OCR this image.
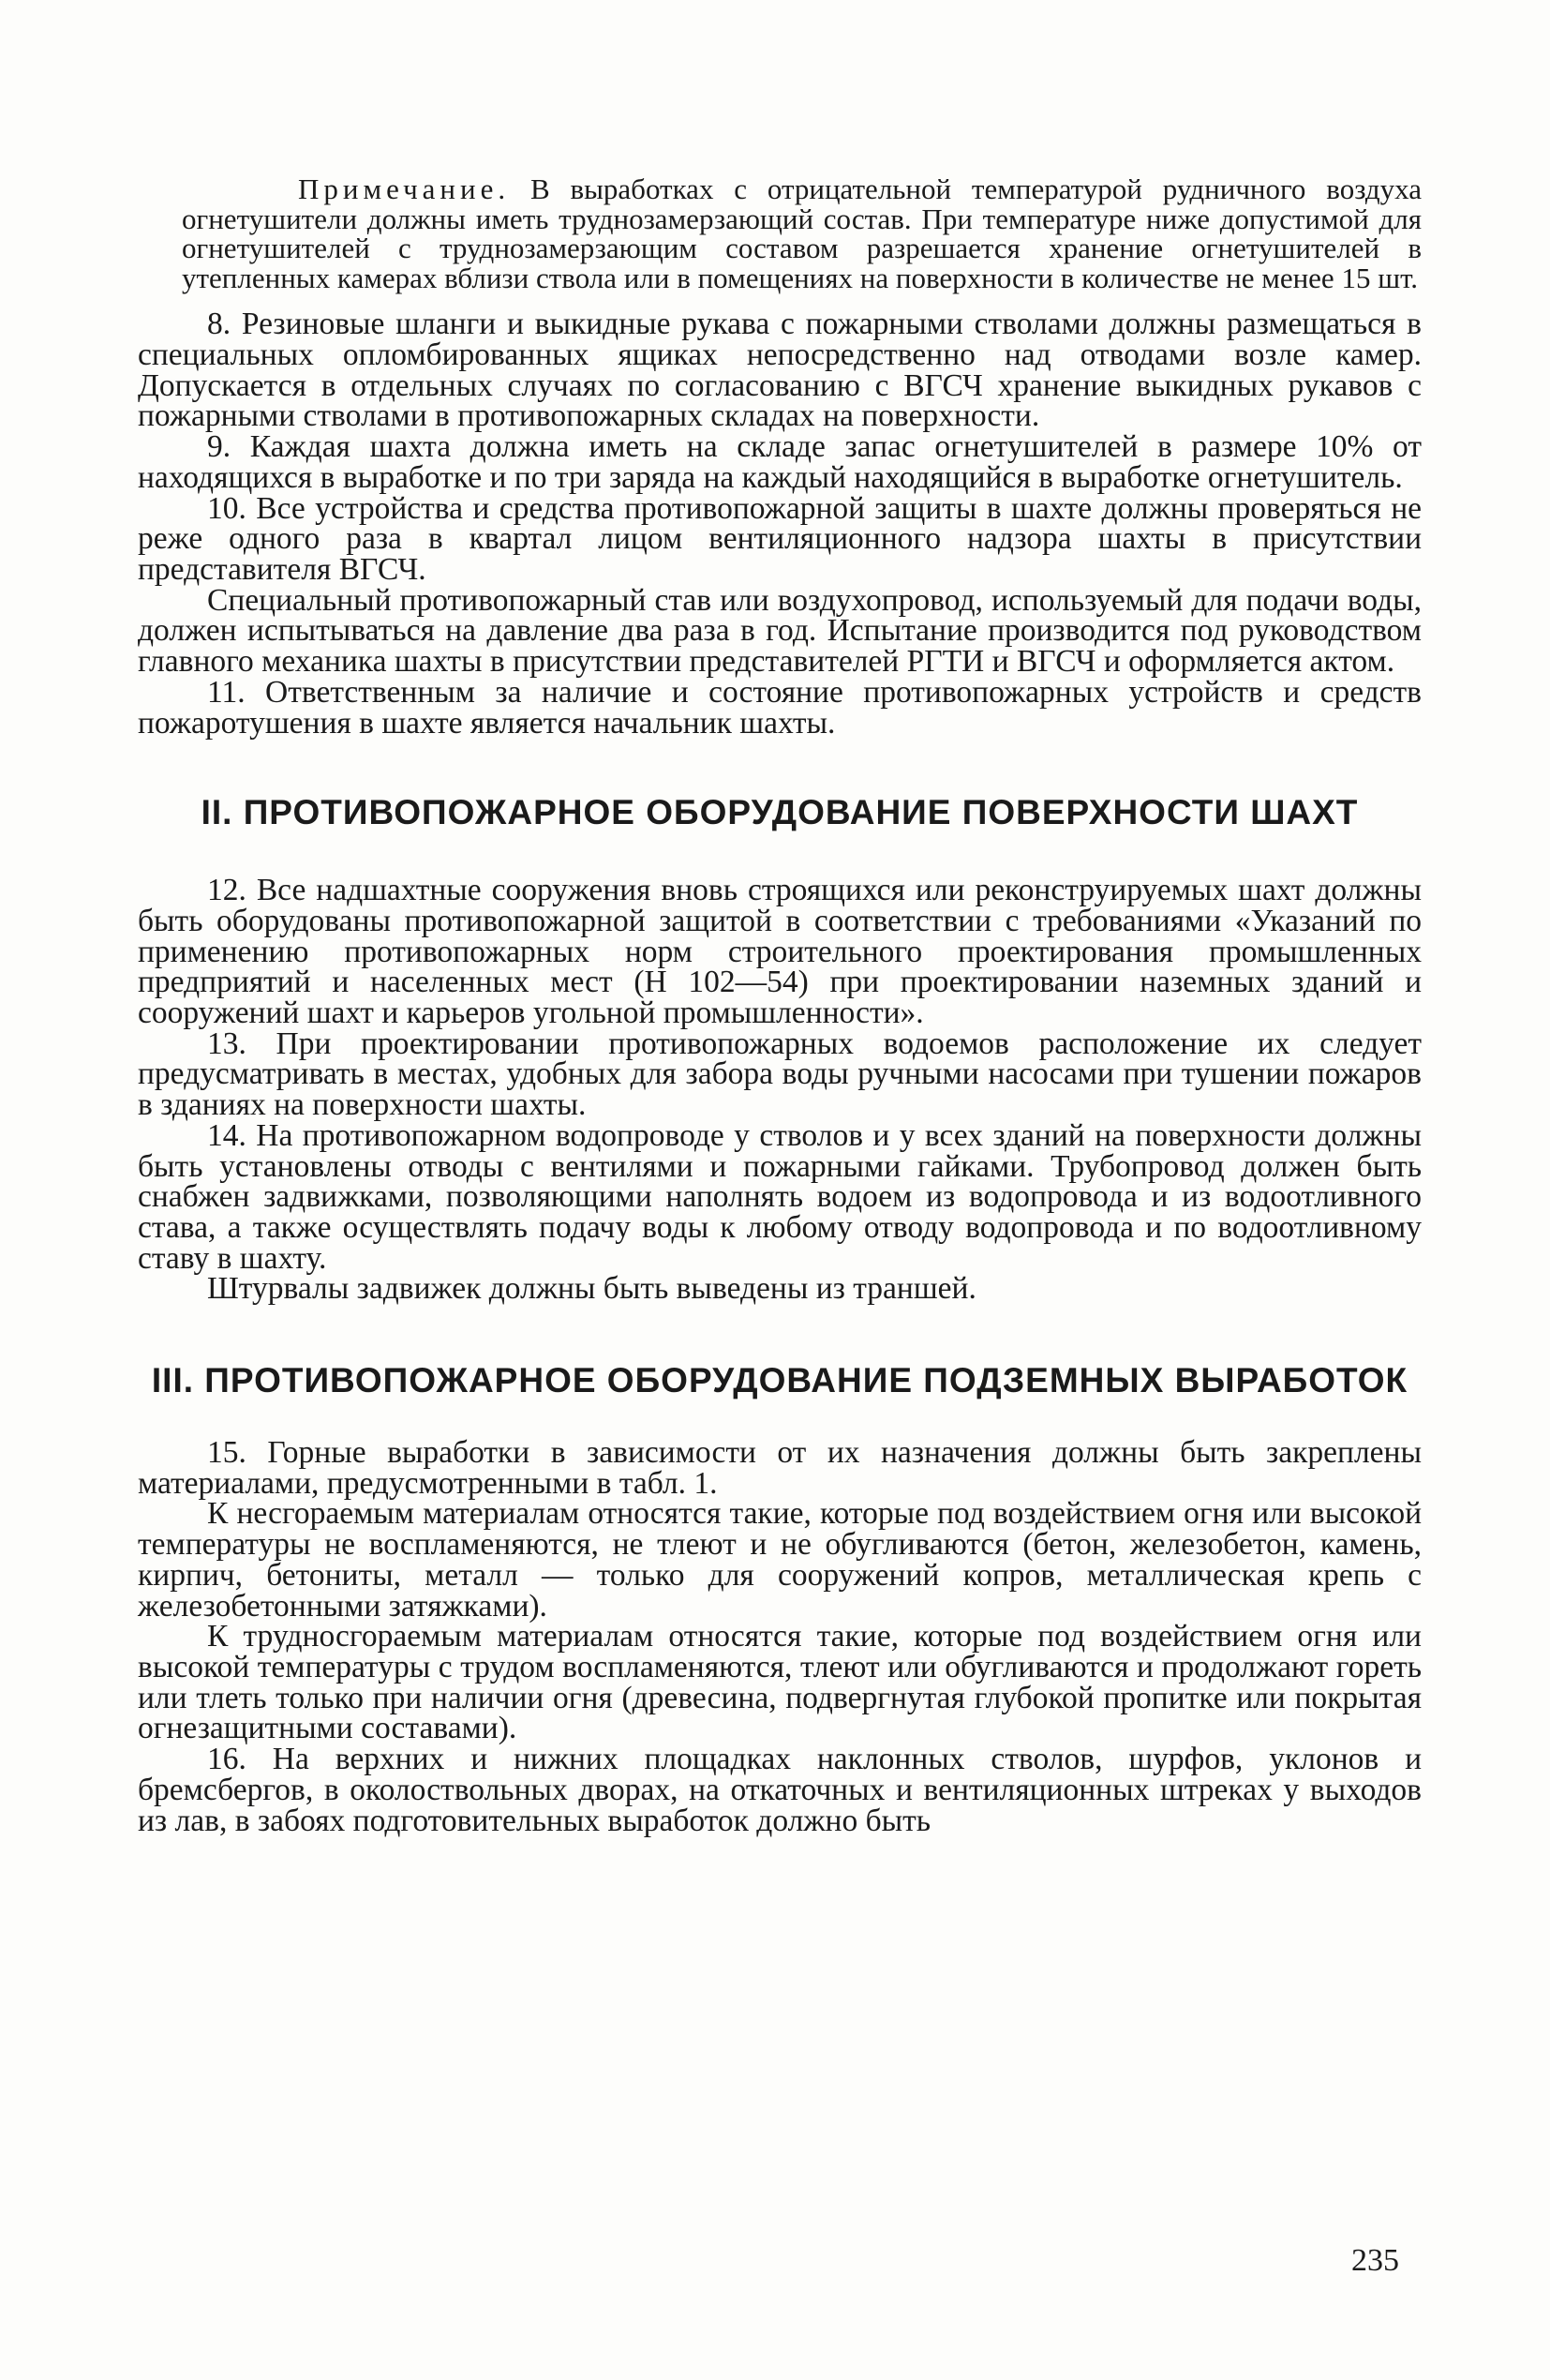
Примечание. В выработках с отрицательной температурой рудничного воздуха огнетушители должны иметь труднозамерзающий состав. При температуре ниже допустимой для огнетушителей с труднозамерзающим составом разрешается хранение огнетушителей в утепленных камерах вблизи ствола или в помещениях на поверхности в количестве не менее 15 шт.

8. Резиновые шланги и выкидные рукава с пожарными стволами должны размещаться в специальных опломбированных ящиках непосредственно над отводами возле камер. Допускается в отдельных случаях по согласованию с ВГСЧ хранение выкидных рукавов с пожарными стволами в противопожарных складах на поверхности.

9. Каждая шахта должна иметь на складе запас огнетушителей в размере 10% от находящихся в выработке и по три заряда на каждый находящийся в выработке огнетушитель.

10. Все устройства и средства противопожарной защиты в шахте должны проверяться не реже одного раза в квартал лицом вентиляционного надзора шахты в присутствии представителя ВГСЧ.

Специальный противопожарный став или воздухопровод, используемый для подачи воды, должен испытываться на давление два раза в год. Испытание производится под руководством главного механика шахты в присутствии представителей РГТИ и ВГСЧ и оформляется актом.

11. Ответственным за наличие и состояние противопожарных устройств и средств пожаротушения в шахте является начальник шахты.

II. ПРОТИВОПОЖАРНОЕ ОБОРУДОВАНИЕ ПОВЕРХНОСТИ ШАХТ

12. Все надшахтные сооружения вновь строящихся или реконструируемых шахт должны быть оборудованы противопожарной защитой в соответствии с требованиями «Указаний по применению противопожарных норм строительного проектирования промышленных предприятий и населенных мест (Н 102—54) при проектировании наземных зданий и сооружений шахт и карьеров угольной промышленности».

13. При проектировании противопожарных водоемов расположение их следует предусматривать в местах, удобных для забора воды ручными насосами при тушении пожаров в зданиях на поверхности шахты.

14. На противопожарном водопроводе у стволов и у всех зданий на поверхности должны быть установлены отводы с вентилями и пожарными гайками. Трубопровод должен быть снабжен задвижками, позволяющими наполнять водоем из водопровода и из водоотливного става, а также осуществлять подачу воды к любому отводу водопровода и по водоотливному ставу в шахту.

Штурвалы задвижек должны быть выведены из траншей.

III. ПРОТИВОПОЖАРНОЕ ОБОРУДОВАНИЕ ПОДЗЕМНЫХ ВЫРАБОТОК

15. Горные выработки в зависимости от их назначения должны быть закреплены материалами, предусмотренными в табл. 1.

К несгораемым материалам относятся такие, которые под воздействием огня или высокой температуры не воспламеняются, не тлеют и не обугливаются (бетон, железобетон, камень, кирпич, бетониты, металл — только для сооружений копров, металлическая крепь с железобетонными затяжками).

К трудносгораемым материалам относятся такие, которые под воздействием огня или высокой температуры с трудом воспламеняются, тлеют или обугливаются и продолжают гореть или тлеть только при наличии огня (древесина, подвергнутая глубокой пропитке или покрытая огнезащитными составами).

16. На верхних и нижних площадках наклонных стволов, шурфов, уклонов и бремсбергов, в околоствольных дворах, на откаточных и вентиляционных штреках у выходов из лав, в забоях подготовительных выработок должно быть

235
